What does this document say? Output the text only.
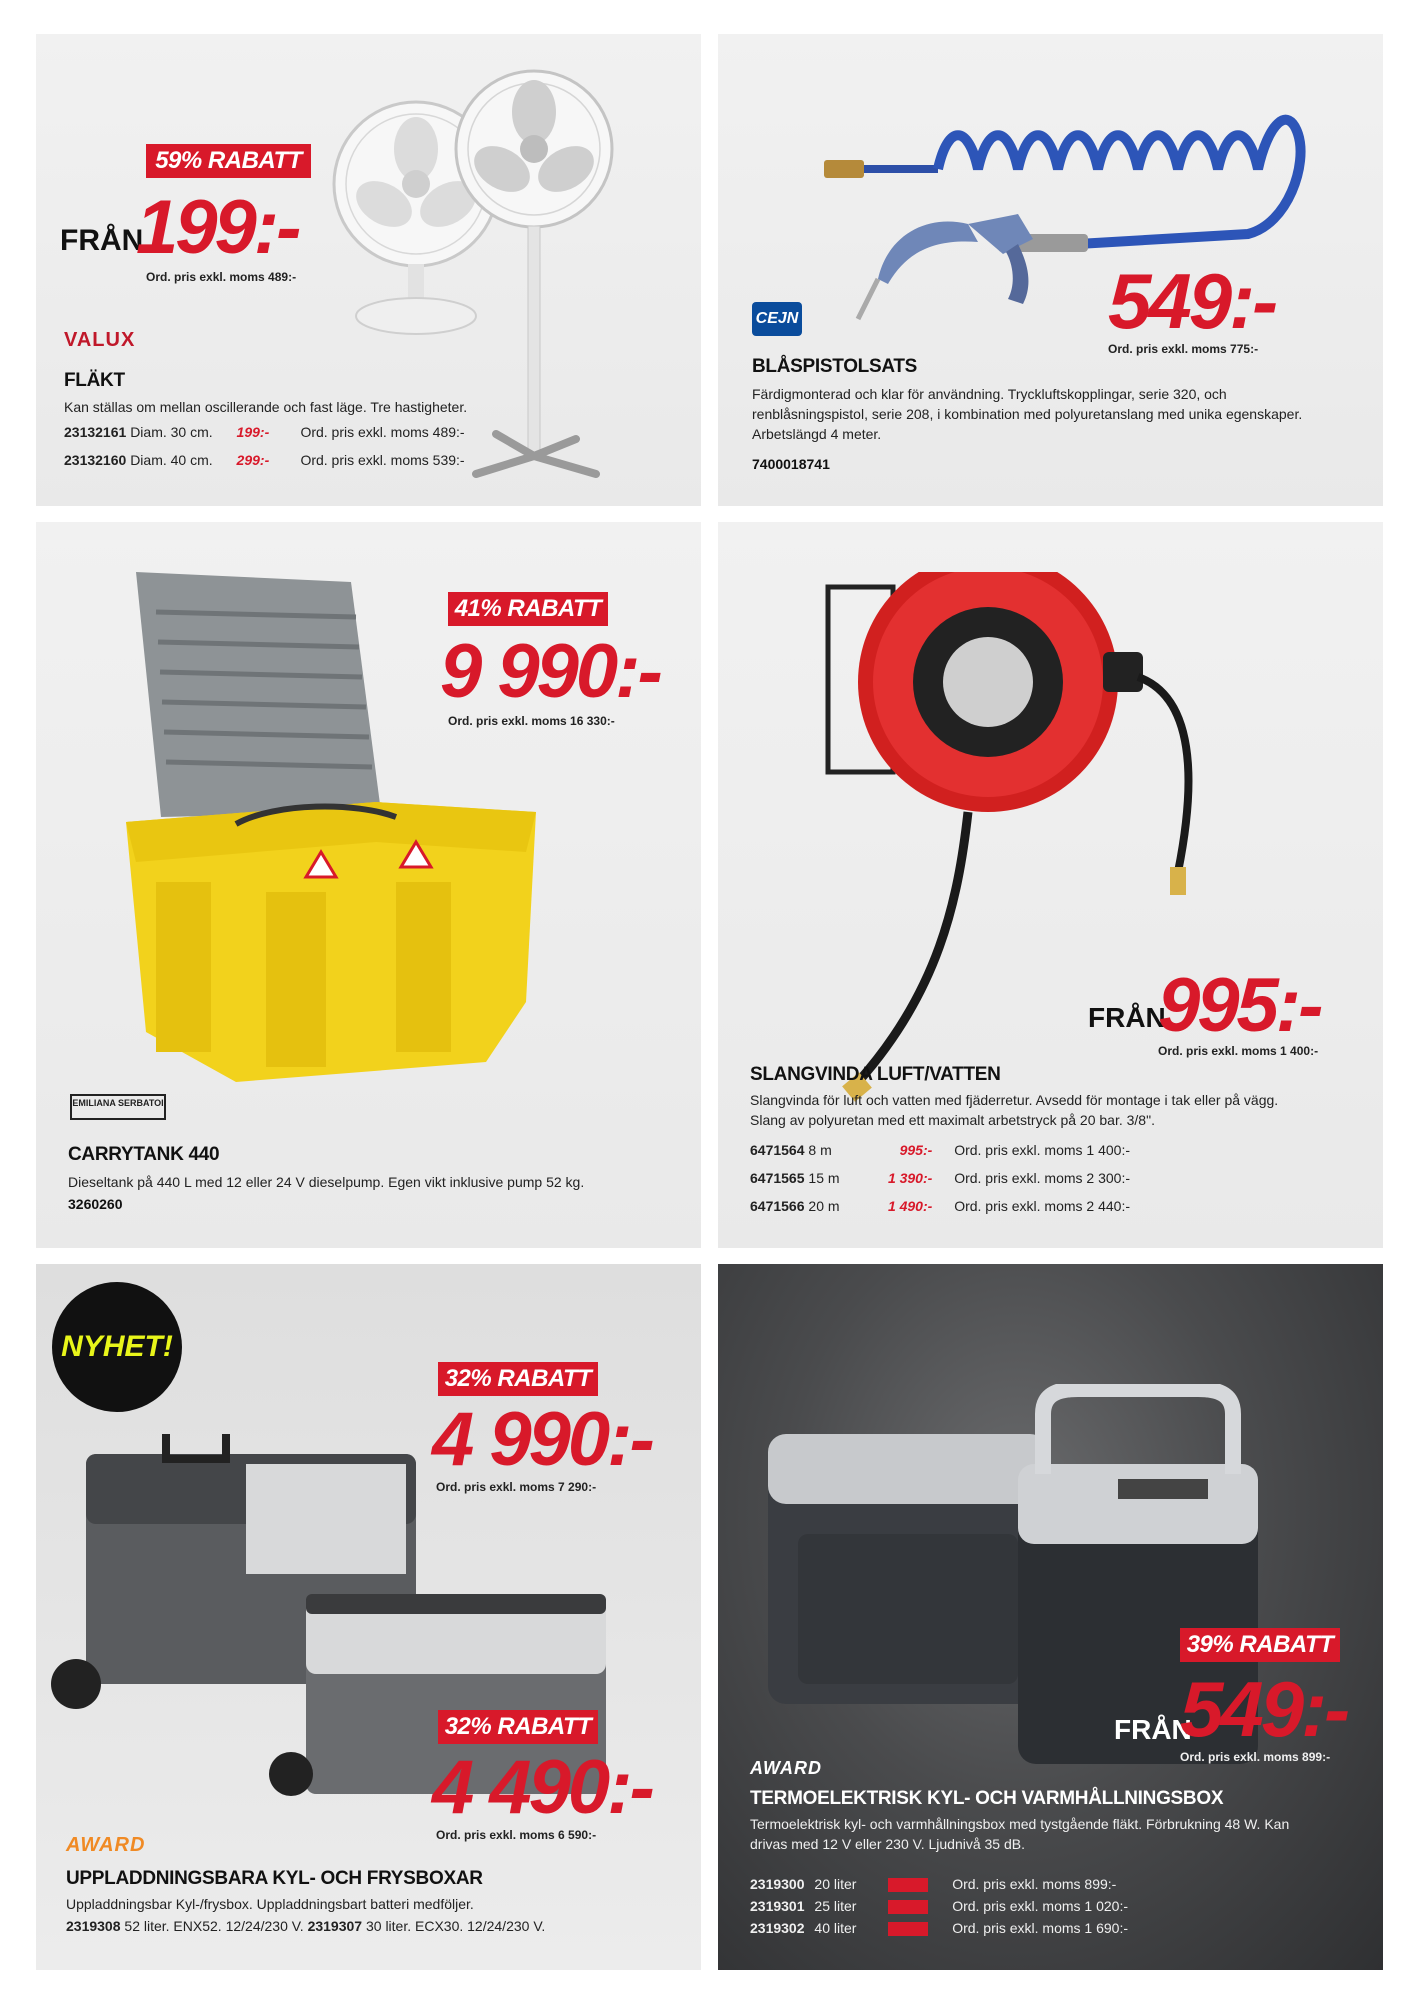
59% RABATT
FRÅN
199:-
Ord. pris exkl. moms 489:-
VALUX
FLÄKT
Kan ställas om mellan oscillerande och fast läge. Tre hastigheter.
23132161 Diam. 30 cm. 199:- Ord. pris exkl. moms 489:-
23132160 Diam. 40 cm. 299:- Ord. pris exkl. moms 539:-
CEJN	549:-
Ord. pris exkl. moms 775:-
BLÅSPISTOLSATS
Färdigmonterad och klar för användning. Tryckluftskopplingar, serie 320, och renblåsningspistol, serie 208, i kombination med polyuretanslang med unika egenskaper. Arbetslängd 4 meter.
7400018741
41% RABATT
9 990:-
Ord. pris exkl. moms 16 330:-
EMILIANA SERBATOI
CARRYTANK 440
Dieseltank på 440 L med 12 eller 24 V dieselpump. Egen vikt inklusive pump 52 kg.
3260260
FRÅN
995:-
Ord. pris exkl. moms 1 400:-
SLANGVINDA LUFT/VATTEN
Slangvinda för luft och vatten med fjäderretur. Avsedd för montage i tak eller på vägg. Slang av polyuretan med ett maximalt arbetstryck på 20 bar. 3/8".
6471564 8 m	995:- Ord. pris exkl. moms 1 400:-
6471565 15 m	1 390:- Ord. pris exkl. moms 2 300:-
6471566 20 m	1 490:- Ord. pris exkl. moms 2 440:-
NYHET!
32% RABATT
4 990:-
Ord. pris exkl. moms 7 290:-
32% RABATT
4 490:-
Ord. pris exkl. moms 6 590:-
AWARD
UPPLADDNINGSBARA KYL- OCH FRYSBOXAR
Uppladdningsbar Kyl-/frysbox. Uppladdningsbart batteri medföljer.
2319308 52 liter. ENX52. 12/24/230 V. 2319307 30 liter. ECX30. 12/24/230 V.
39% RABATT
FRÅN
549:-
Ord. pris exkl. moms 899:-
AWARD
TERMOELEKTRISK KYL- OCH VARMHÅLLNINGSBOX
Termoelektrisk kyl- och varmhållningsbox med tystgående fläkt. Förbrukning 48 W. Kan drivas med 12 V eller 230 V. Ljudnivå 35 dB.
2319300 20 liter	Ord. pris exkl. moms 899:-
2319301 25 liter	Ord. pris exkl. moms 1 020:-
2319302 40 liter	Ord. pris exkl. moms 1 690:-
